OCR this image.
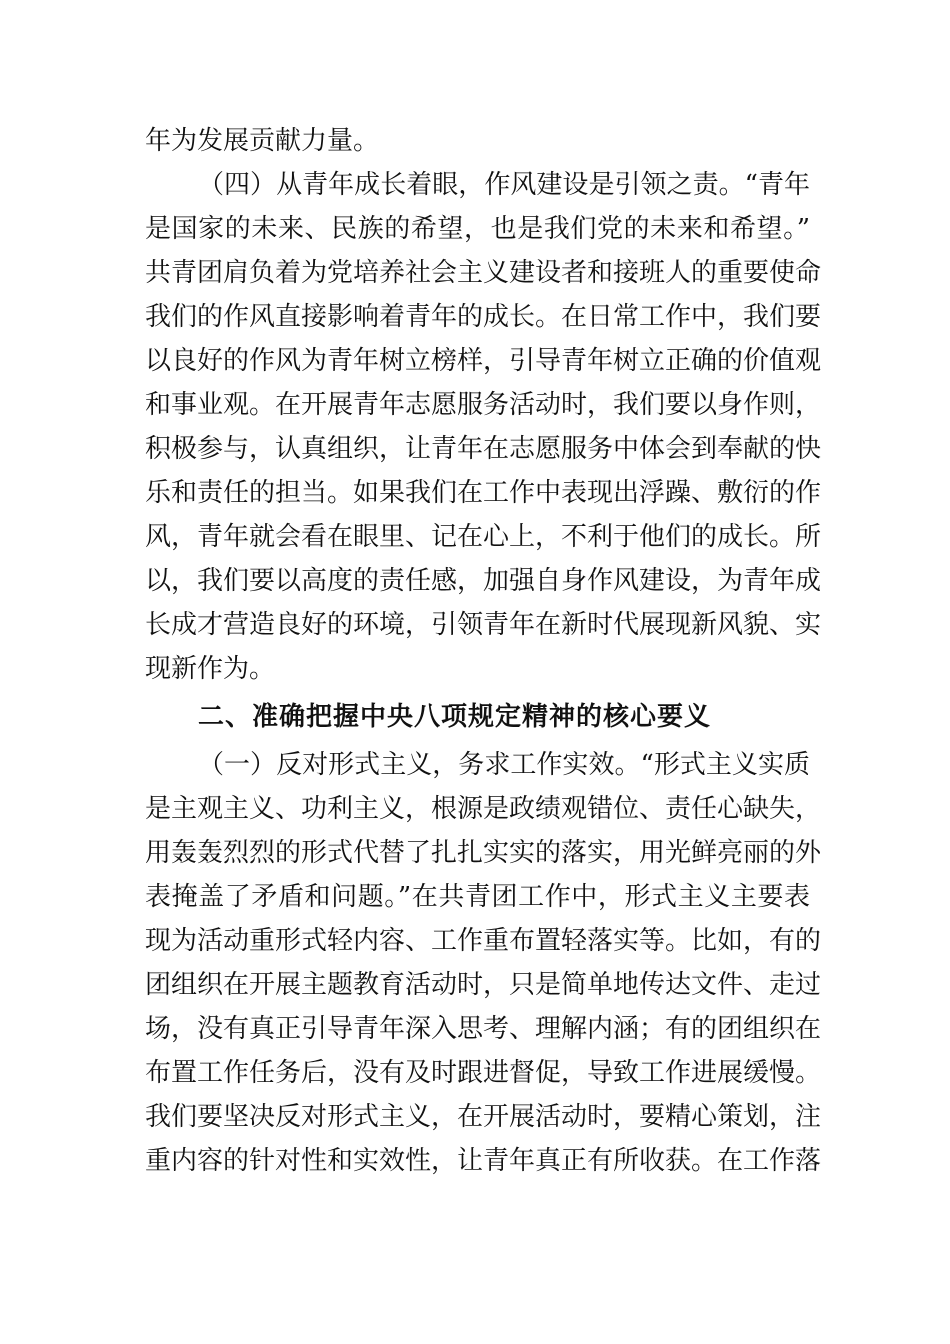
年为发展贡献力量。
（四）从青年成长着眼，作风建设是引领之责。“青年
是国家的未来、民族的希望，也是我们党的未来和希望。”
共青团肩负着为党培养社会主义建设者和接班人的重要使命
我们的作风直接影响着青年的成长。在日常工作中，我们要
以良好的作风为青年树立榜样，引导青年树立正确的价值观
和事业观。在开展青年志愿服务活动时，我们要以身作则，
积极参与，认真组织，让青年在志愿服务中体会到奉献的快
乐和责任的担当。如果我们在工作中表现出浮躁、敷衍的作
风，青年就会看在眼里、记在心上，不利于他们的成长。所
以，我们要以高度的责任感，加强自身作风建设，为青年成
长成才营造良好的环境，引领青年在新时代展现新风貌、实
现新作为。
二、准确把握中央八项规定精神的核心要义
（一）反对形式主义，务求工作实效。“形式主义实质
是主观主义、功利主义，根源是政绩观错位、责任心缺失，
用轰轰烈烈的形式代替了扎扎实实的落实，用光鲜亮丽的外
表掩盖了矛盾和问题。”在共青团工作中，形式主义主要表
现为活动重形式轻内容、工作重布置轻落实等。比如，有的
团组织在开展主题教育活动时，只是简单地传达文件、走过
场，没有真正引导青年深入思考、理解内涵；有的团组织在
布置工作任务后，没有及时跟进督促，导致工作进展缓慢。
我们要坚决反对形式主义，在开展活动时，要精心策划，注
重内容的针对性和实效性，让青年真正有所收获。在工作落
